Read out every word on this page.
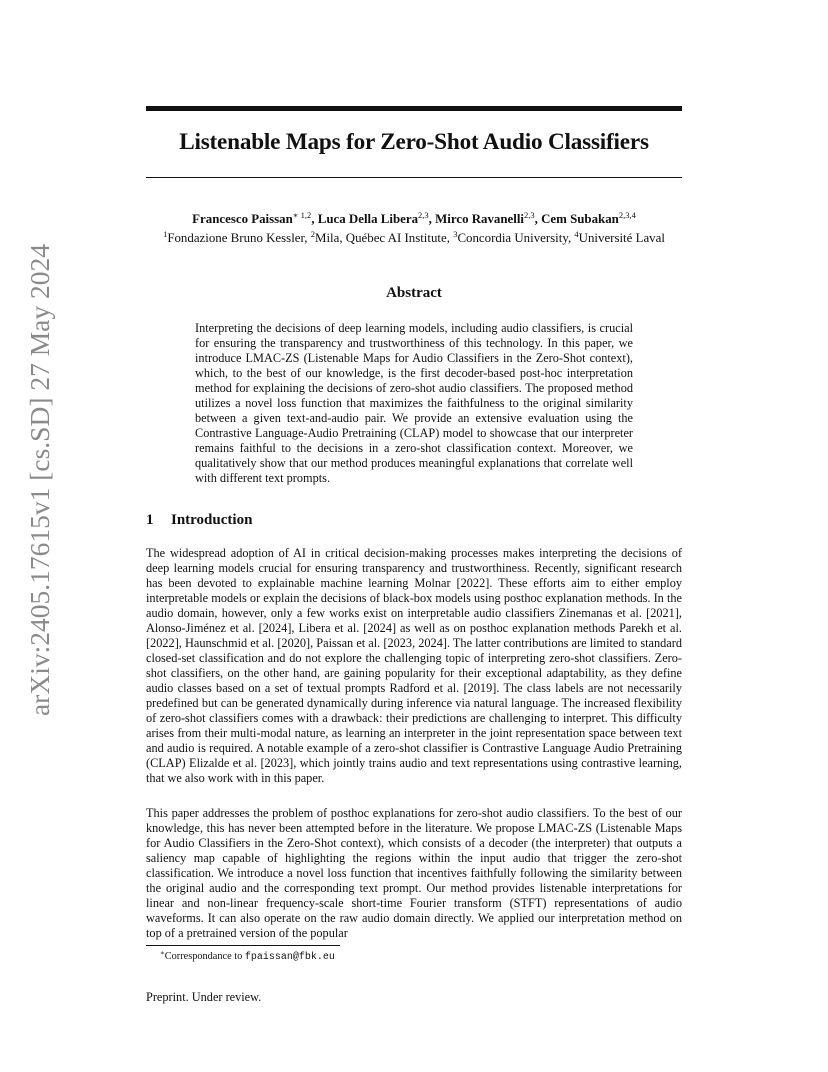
arXiv:2405.17615v1 [cs.SD] 27 May 2024
Listenable Maps for Zero-Shot Audio Classifiers
Francesco Paissan$^{∗ 1,2}$, Luca Della Libera$^{2,3}$, Mirco Ravanelli$^{2,3}$, Cem Subakan$^{2,3,4}$
$^1$Fondazione Bruno Kessler, $^2$Mila, Québec AI Institute, $^3$Concordia University, $^4$Université Laval
Abstract

Interpreting the decisions of deep learning models, including audio classifiers, is crucial for ensuring the transparency and trustworthiness of this technology. In this paper, we introduce LMAC-ZS (Listenable Maps for Audio Classifiers in the Zero-Shot context), which, to the best of our knowledge, is the first decoder-based post-hoc interpretation method for explaining the decisions of zero-shot audio classifiers. The proposed method utilizes a novel loss function that maximizes the faithfulness to the original similarity between a given text-and-audio pair. We provide an extensive evaluation using the Contrastive Language-Audio Pretraining (CLAP) model to showcase that our interpreter remains faithful to the decisions in a zero-shot classification context. Moreover, we qualitatively show that our method produces meaningful explanations that correlate well with different text prompts.

1 Introduction

The widespread adoption of AI in critical decision-making processes makes interpreting the decisions of deep learning models crucial for ensuring transparency and trustworthiness. Recently, significant research has been devoted to explainable machine learning Molnar [2022]. These efforts aim to either employ interpretable models or explain the decisions of black-box models using posthoc explanation methods. In the audio domain, however, only a few works exist on interpretable audio classifiers Zinemanas et al. [2021], Alonso-Jiménez et al. [2024], Libera et al. [2024] as well as on posthoc explanation methods Parekh et al. [2022], Haunschmid et al. [2020], Paissan et al. [2023, 2024]. The latter contributions are limited to standard closed-set classification and do not explore the challenging topic of interpreting zero-shot classifiers. Zero-shot classifiers, on the other hand, are gaining popularity for their exceptional adaptability, as they define audio classes based on a set of textual prompts Radford et al. [2019]. The class labels are not necessarily predefined but can be generated dynamically during inference via natural language. The increased flexibility of zero-shot classifiers comes with a drawback: their predictions are challenging to interpret. This difficulty arises from their multi-modal nature, as learning an interpreter in the joint representation space between text and audio is required. A notable example of a zero-shot classifier is Contrastive Language Audio Pretraining (CLAP) Elizalde et al. [2023], which jointly trains audio and text representations using contrastive learning, that we also work with in this paper.

This paper addresses the problem of posthoc explanations for zero-shot audio classifiers. To the best of our knowledge, this has never been attempted before in the literature. We propose LMAC-ZS (Listenable Maps for Audio Classifiers in the Zero-Shot context), which consists of a decoder (the interpreter) that outputs a saliency map capable of highlighting the regions within the input audio that trigger the zero-shot classification. We introduce a novel loss function that incentives faithfully following the similarity between the original audio and the corresponding text prompt. Our method provides listenable interpretations for linear and non-linear frequency-scale short-time Fourier transform (STFT) representations of audio waveforms. It can also operate on the raw audio domain directly. We applied our interpretation method on top of a pretrained version of the popular

∗Correspondance to fpaissan@fbk.eu
Preprint. Under review.
